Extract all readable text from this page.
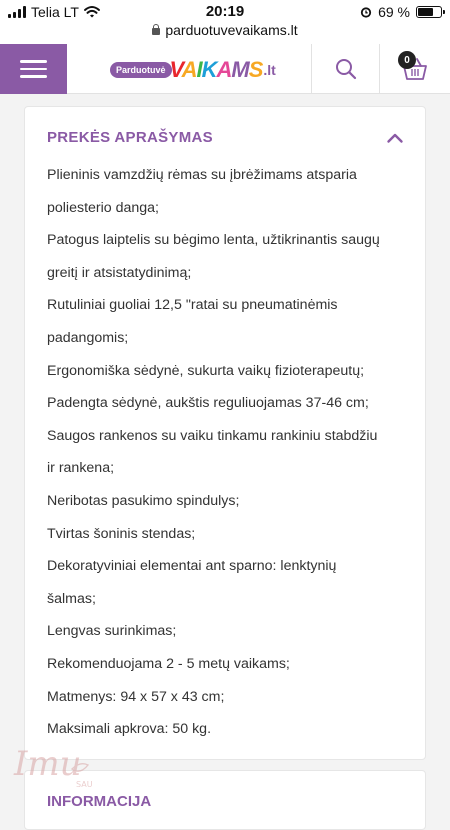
Telia LT	20:19	69 %
parduotuvevaikams.lt
Parduotuvė VAIKAMS .lt
0
PREKĖS APRAŠYMAS

Plieninis vamzdžių rėmas su įbrėžimams atsparia

poliesterio danga;

Patogus laiptelis su bėgimo lenta, užtikrinantis saugų

greitį ir atsistatydinimą;

Rutuliniai guoliai 12,5 "ratai su pneumatinėmis

padangomis;

Ergonomiška sėdynė, sukurta vaikų fizioterapeutų;

Padengta sėdynė, aukštis reguliuojamas 37-46 cm;

Saugos rankenos su vaiku tinkamu rankiniu stabdžiu

ir rankena;

Neribotas pasukimo spindulys;

Tvirtas šoninis stendas;

Dekoratyviniai elementai ant sparno: lenktynių

šalmas;

Lengvas surinkimas;

Rekomenduojama 2 - 5 metų vaikams;

Matmenys: 94 x 57 x 43 cm;

Maksimali apkrova: 50 kg.

INFORMACIJA
Imu
SAU
